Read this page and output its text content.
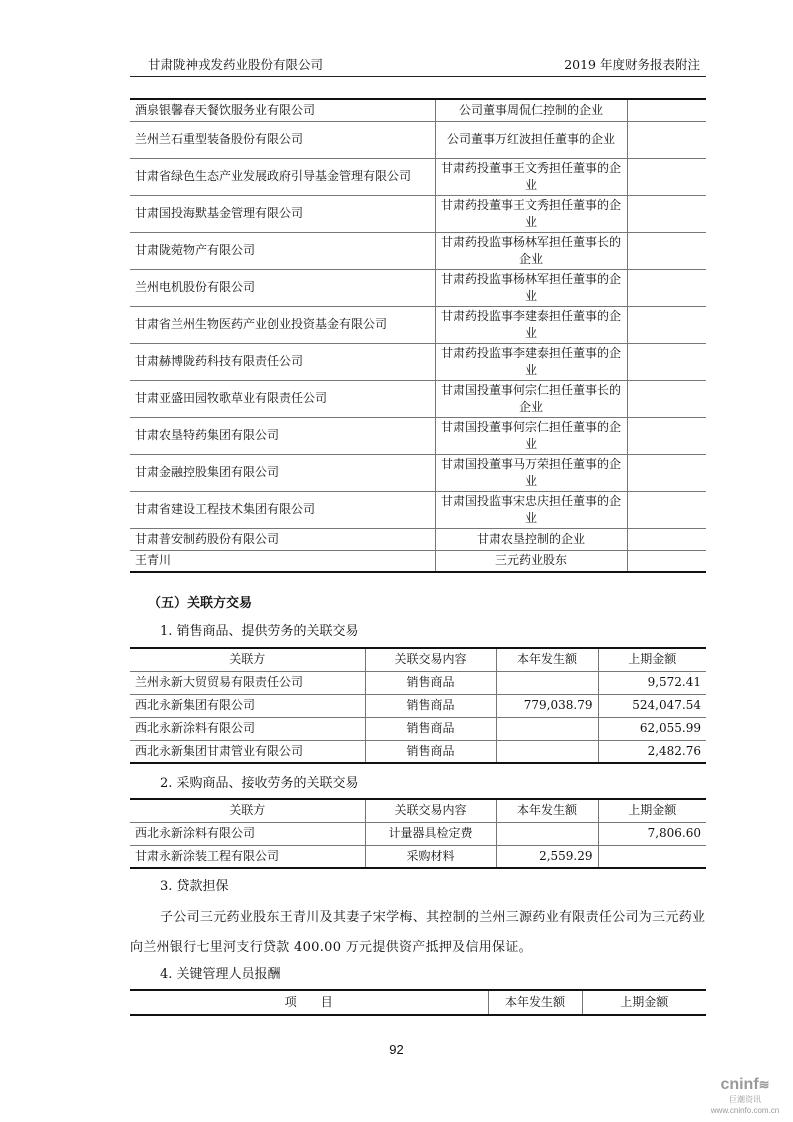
甘肃陇神戎发药业股份有限公司	2019 年度财务报表附注
酒泉银馨春天餐饮服务业有限公司	公司董事周侃仁控制的企业	
兰州兰石重型装备股份有限公司	公司董事万红波担任董事的企业	
甘肃省绿色生态产业发展政府引导基金管理有限公司	甘肃药投董事王文秀担任董事的企业	
甘肃国投海默基金管理有限公司	甘肃药投董事王文秀担任董事的企业	
甘肃陇菀物产有限公司	甘肃药投监事杨林军担任董事长的企业	
兰州电机股份有限公司	甘肃药投监事杨林军担任董事的企业	
甘肃省兰州生物医药产业创业投资基金有限公司	甘肃药投监事李建泰担任董事的企业	
甘肃赫博陇药科技有限责任公司	甘肃药投监事李建泰担任董事的企业	
甘肃亚盛田园牧歌草业有限责任公司	甘肃国投董事何宗仁担任董事长的企业	
甘肃农垦特药集团有限公司	甘肃国投董事何宗仁担任董事的企业	
甘肃金融控股集团有限公司	甘肃国投董事马万荣担任董事的企业	
甘肃省建设工程技术集团有限公司	甘肃国投监事宋忠庆担任董事的企业	
甘肃普安制药股份有限公司	甘肃农垦控制的企业	
王青川	三元药业股东	
（五）关联方交易
1. 销售商品、提供劳务的关联交易
关联方	关联交易内容	本年发生额	上期金额
兰州永新大贸贸易有限责任公司	销售商品		9,572.41
西北永新集团有限公司	销售商品	779,038.79	524,047.54
西北永新涂料有限公司	销售商品		62,055.99
西北永新集团甘肃管业有限公司	销售商品		2,482.76
2. 采购商品、接收劳务的关联交易
关联方	关联交易内容	本年发生额	上期金额
西北永新涂料有限公司	计量器具检定费		7,806.60
甘肃永新涂装工程有限公司	采购材料	2,559.29	
3. 贷款担保
子公司三元药业股东王青川及其妻子宋学梅、其控制的兰州三源药业有限责任公司为三元药业向兰州银行七里河支行贷款 400.00 万元提供资产抵押及信用保证。
4. 关键管理人员报酬
项　　目	本年发生额	上期金额
92
cninf≋
巨潮资讯
www.cninfo.com.cn
